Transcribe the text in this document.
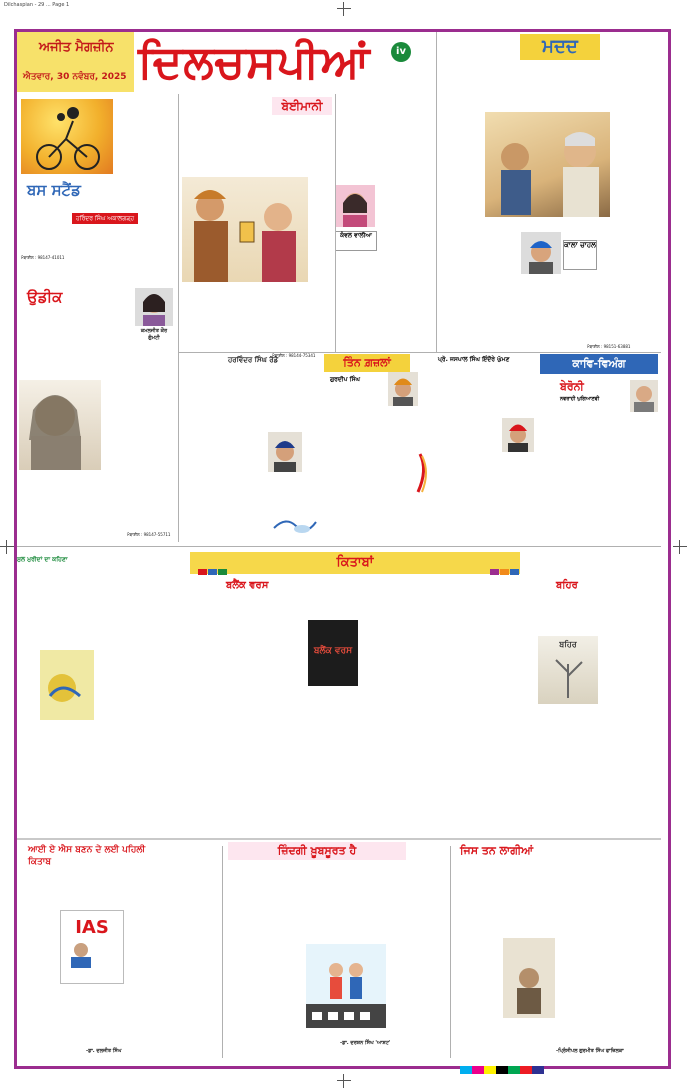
Dilchaspian - 29 ... Page 1
ਅਜੀਤ ਮੈਗਜ਼ੀਨ
ਐਤਵਾਰ, 30 ਨਵੰਬਰ, 2025 ਦਿਲਚਸਪੀਆਂ	iv	ਮਦਦ
ਕਾਲਾ ਚਾਹਲ
ਮੋਬਾਈਲ : 98151-63881
ਬਸ ਸਟੈਂਡ
ਹਰਿੰਦਰ ਸਿੰਘ ਅਕਾਲਗੜ੍ਹ
ਮੋਬਾਈਲ : 98147-41011
ਬੇਈਮਾਨੀ
ਕੰਵਲ ਵਾਲੀਆ
ਮੋਬਾਈਲ : 98144-75341
ਉਡੀਕ
ਕਮਲਜੀਤ ਕੌਰ ਗੁੰਮਟੀ
ਮੋਬਾਈਲ : 98147-55711
ਹਰਵਿੰਦਰ ਸਿੰਘ ਰੋਡੇ	ਤਿੰਨ ਗ਼ਜ਼ਲਾਂ
ਗੁਰਦੀਪ ਸਿੰਘ
ਪ੍ਰੋ. ਜਸਪਾਲ ਸਿੰਘ ਇੰਦੌਰੇ ਘੁੱਮਣ	ਕਾਵਿ-ਵਿਅੰਗ
ਬੇਰੋਨੀ
ਨਵਰਾਹੀ ਘੁਗਿਆਣਵੀ
ਸੁਲ ਮੁਰੀਦਾਂ ਦਾ ਕਹਿਣਾ	ਕਿਤਾਬਾਂ
ਬਲੈਂਕ ਵਰਸ
ਬਲੈਂਕ ਵਰਸ
ਬਹਿਰ
ਬਹਿਰ
ਆਈ ਏ ਐਸ ਬਣਨ ਦੇ ਲਈ ਪਹਿਲੀ ਕਿਤਾਬ
IAS
-ਡਾ. ਦਲਜੀਤ ਸਿੰਘ
ਜ਼ਿੰਦਗੀ ਖ਼ੂਬਸੂਰਤ ਹੈ
-ਡਾ. ਦਰਸ਼ਨ ਸਿੰਘ 'ਆਸ਼ਟ'
ਜਿਸ ਤਨ ਲਾਗੀਆਂ
-ਪ੍ਰਿੰਸੀਪਲ ਗੁਰਮੀਤ ਸਿੰਘ ਫਾਜ਼ਿਲਕਾ
